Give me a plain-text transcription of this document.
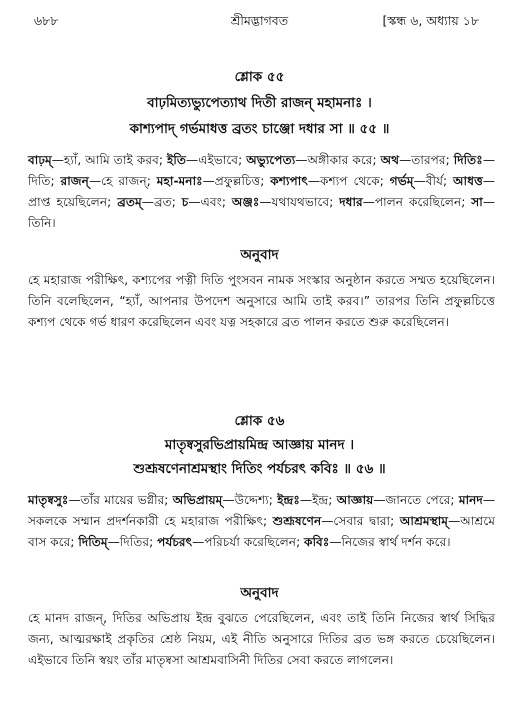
৬৮৮	শ্রীমদ্ভাগবত	[স্কন্ধ ৬, অধ্যায় ১৮
শ্লোক ৫৫
বাঢ়মিত্যভ্যুপেত্যাথ দিতী রাজন্ মহামনাঃ ।
কাশ্যপাদ্ গর্ভমাধত্ত ব্রতং চাঞ্জো দধার সা ॥ ৫৫ ॥
বাঢ়ম্—হ্যাঁ, আমি তাই করব; ইতি—এইভাবে; অভ্যুপেত্য—অঙ্গীকার করে; অথ—তারপর; দিতিঃ—দিতি; রাজন্—হে রাজন্; মহা-মনাঃ—প্রফুল্লচিত্ত; কশ্যপাৎ—কশ্যপ থেকে; গর্ভম্—বীর্য; আধত্ত—প্রাপ্ত হয়েছিলেন; ব্রতম্—ব্রত; চ—এবং; অঞ্জঃ—যথাযথভাবে; দধার—পালন করেছিলেন; সা—তিনি।
অনুবাদ
হে মহারাজ পরীক্ষিৎ, কশ্যপের পত্নী দিতি পুংসবন নামক সংস্কার অনুষ্ঠান করতে সম্মত হয়েছিলেন। তিনি বলেছিলেন, “হ্যাঁ, আপনার উপদেশ অনুসারে আমি তাই করব।” তারপর তিনি প্রফুল্লচিত্তে কশ্যপ থেকে গর্ভ ধারণ করেছিলেন এবং যত্ন সহকারে ব্রত পালন করতে শুরু করেছিলেন।
শ্লোক ৫৬
মাতৃষ্বসুরভিপ্রায়মিন্দ্র আজ্ঞায় মানদ ।
শুশ্রূষণেনাশ্রমস্থাং দিতিং পর্যচরৎ কবিঃ ॥ ৫৬ ॥
মাতৃষ্বসুঃ—তাঁর মায়ের ভগ্নীর; অভিপ্রায়ম্—উদ্দেশ্য; ইন্দ্রঃ—ইন্দ্র; আজ্ঞায়—জানতে পেরে; মানদ—সকলকে সম্মান প্রদর্শনকারী হে মহারাজ পরীক্ষিৎ; শুশ্রূষণেন—সেবার দ্বারা; আশ্রমস্থাম্—আশ্রমে বাস করে; দিতিম্—দিতির; পর্যচরৎ—পরিচর্যা করেছিলেন; কবিঃ—নিজের স্বার্থ দর্শন করে।
অনুবাদ
হে মানদ রাজন্, দিতির অভিপ্রায় ইন্দ্র বুঝতে পেরেছিলেন, এবং তাই তিনি নিজের স্বার্থ সিদ্ধির জন্য, আত্মরক্ষাই প্রকৃতির শ্রেষ্ঠ নিয়ম, এই নীতি অনুসারে দিতির ব্রত ভঙ্গ করতে চেয়েছিলেন। এইভাবে তিনি স্বয়ং তাঁর মাতৃষ্বসা আশ্রমবাসিনী দিতির সেবা করতে লাগলেন।
